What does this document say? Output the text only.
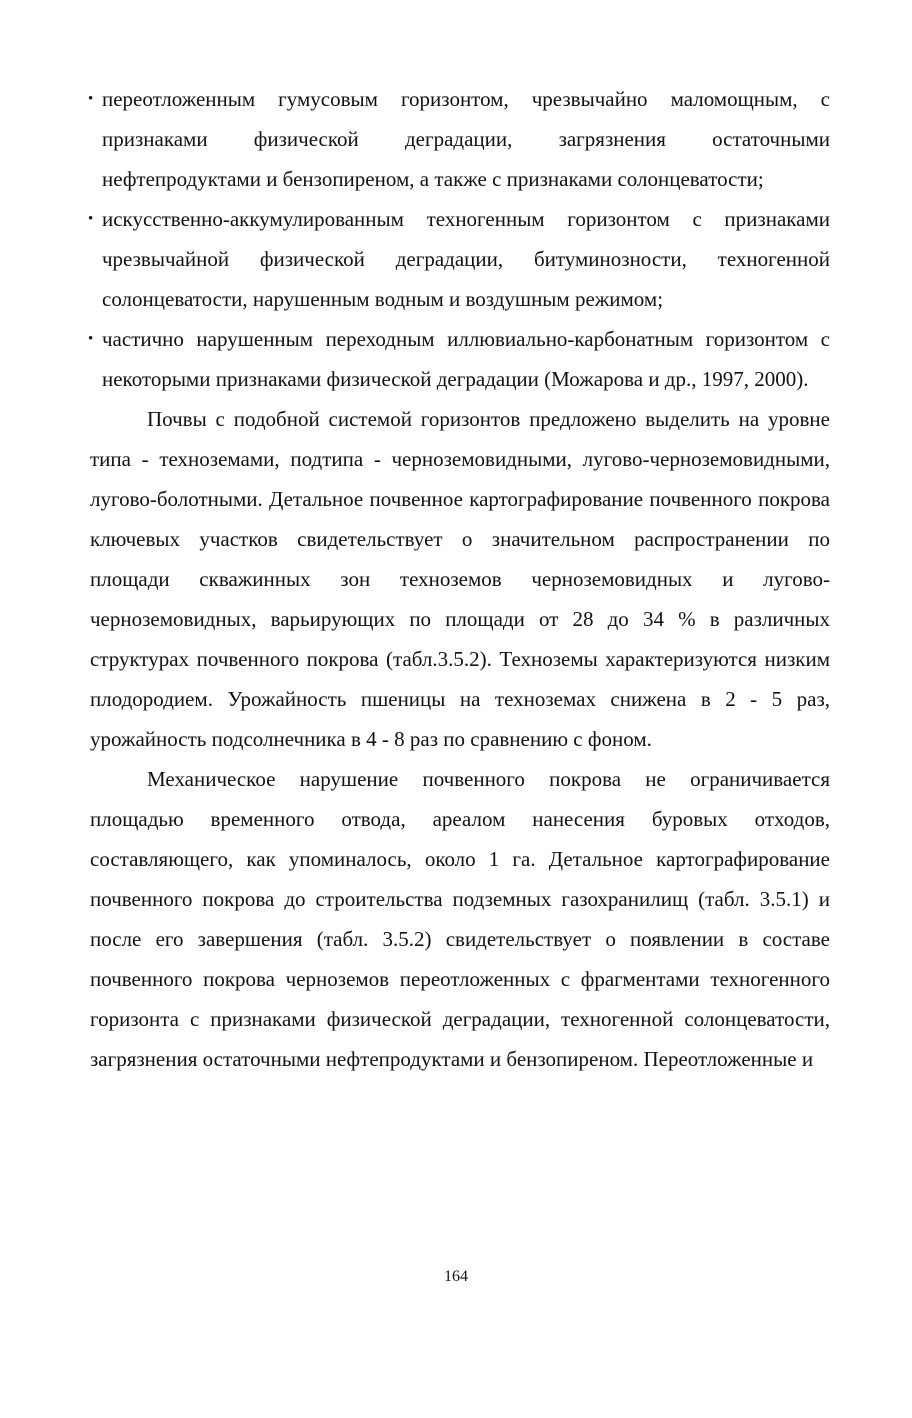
• переотложенным гумусовым горизонтом, чрезвычайно маломощным, с признаками физической деградации, загрязнения остаточными нефтепродуктами и бензопиреном, а также с признаками солонцеватости;
• искусственно-аккумулированным техногенным горизонтом с признаками чрезвычайной физической деградации, битуминозности, техногенной солонцеватости, нарушенным водным и воздушным режимом;
• частично нарушенным переходным иллювиально-карбонатным горизонтом с некоторыми признаками физической деградации (Можарова и др., 1997, 2000).

Почвы с подобной системой горизонтов предложено выделить на уровне типа - техноземами, подтипа - черноземовидными, лугово-черноземовидными, лугово-болотными. Детальное почвенное картографирование почвенного покрова ключевых участков свидетельствует о значительном распространении по площади скважинных зон техноземов черноземовидных и лугово-черноземовидных, варьирующих по площади от 28 до 34 % в различных структурах почвенного покрова (табл.3.5.2). Техноземы характеризуются низким плодородием. Урожайность пшеницы на техноземах снижена в 2 - 5 раз, урожайность подсолнечника в 4 - 8 раз по сравнению с фоном.

Механическое нарушение почвенного покрова не ограничивается площадью временного отвода, ареалом нанесения буровых отходов, составляющего, как упоминалось, около 1 га. Детальное картографирование почвенного покрова до строительства подземных газохранилищ (табл. 3.5.1) и после его завершения (табл. 3.5.2) свидетельствует о появлении в составе почвенного покрова черноземов переотложенных с фрагментами техногенного горизонта с признаками физической деградации, техногенной солонцеватости, загрязнения остаточными нефтепродуктами и бензопиреном. Переотложенные и

164
